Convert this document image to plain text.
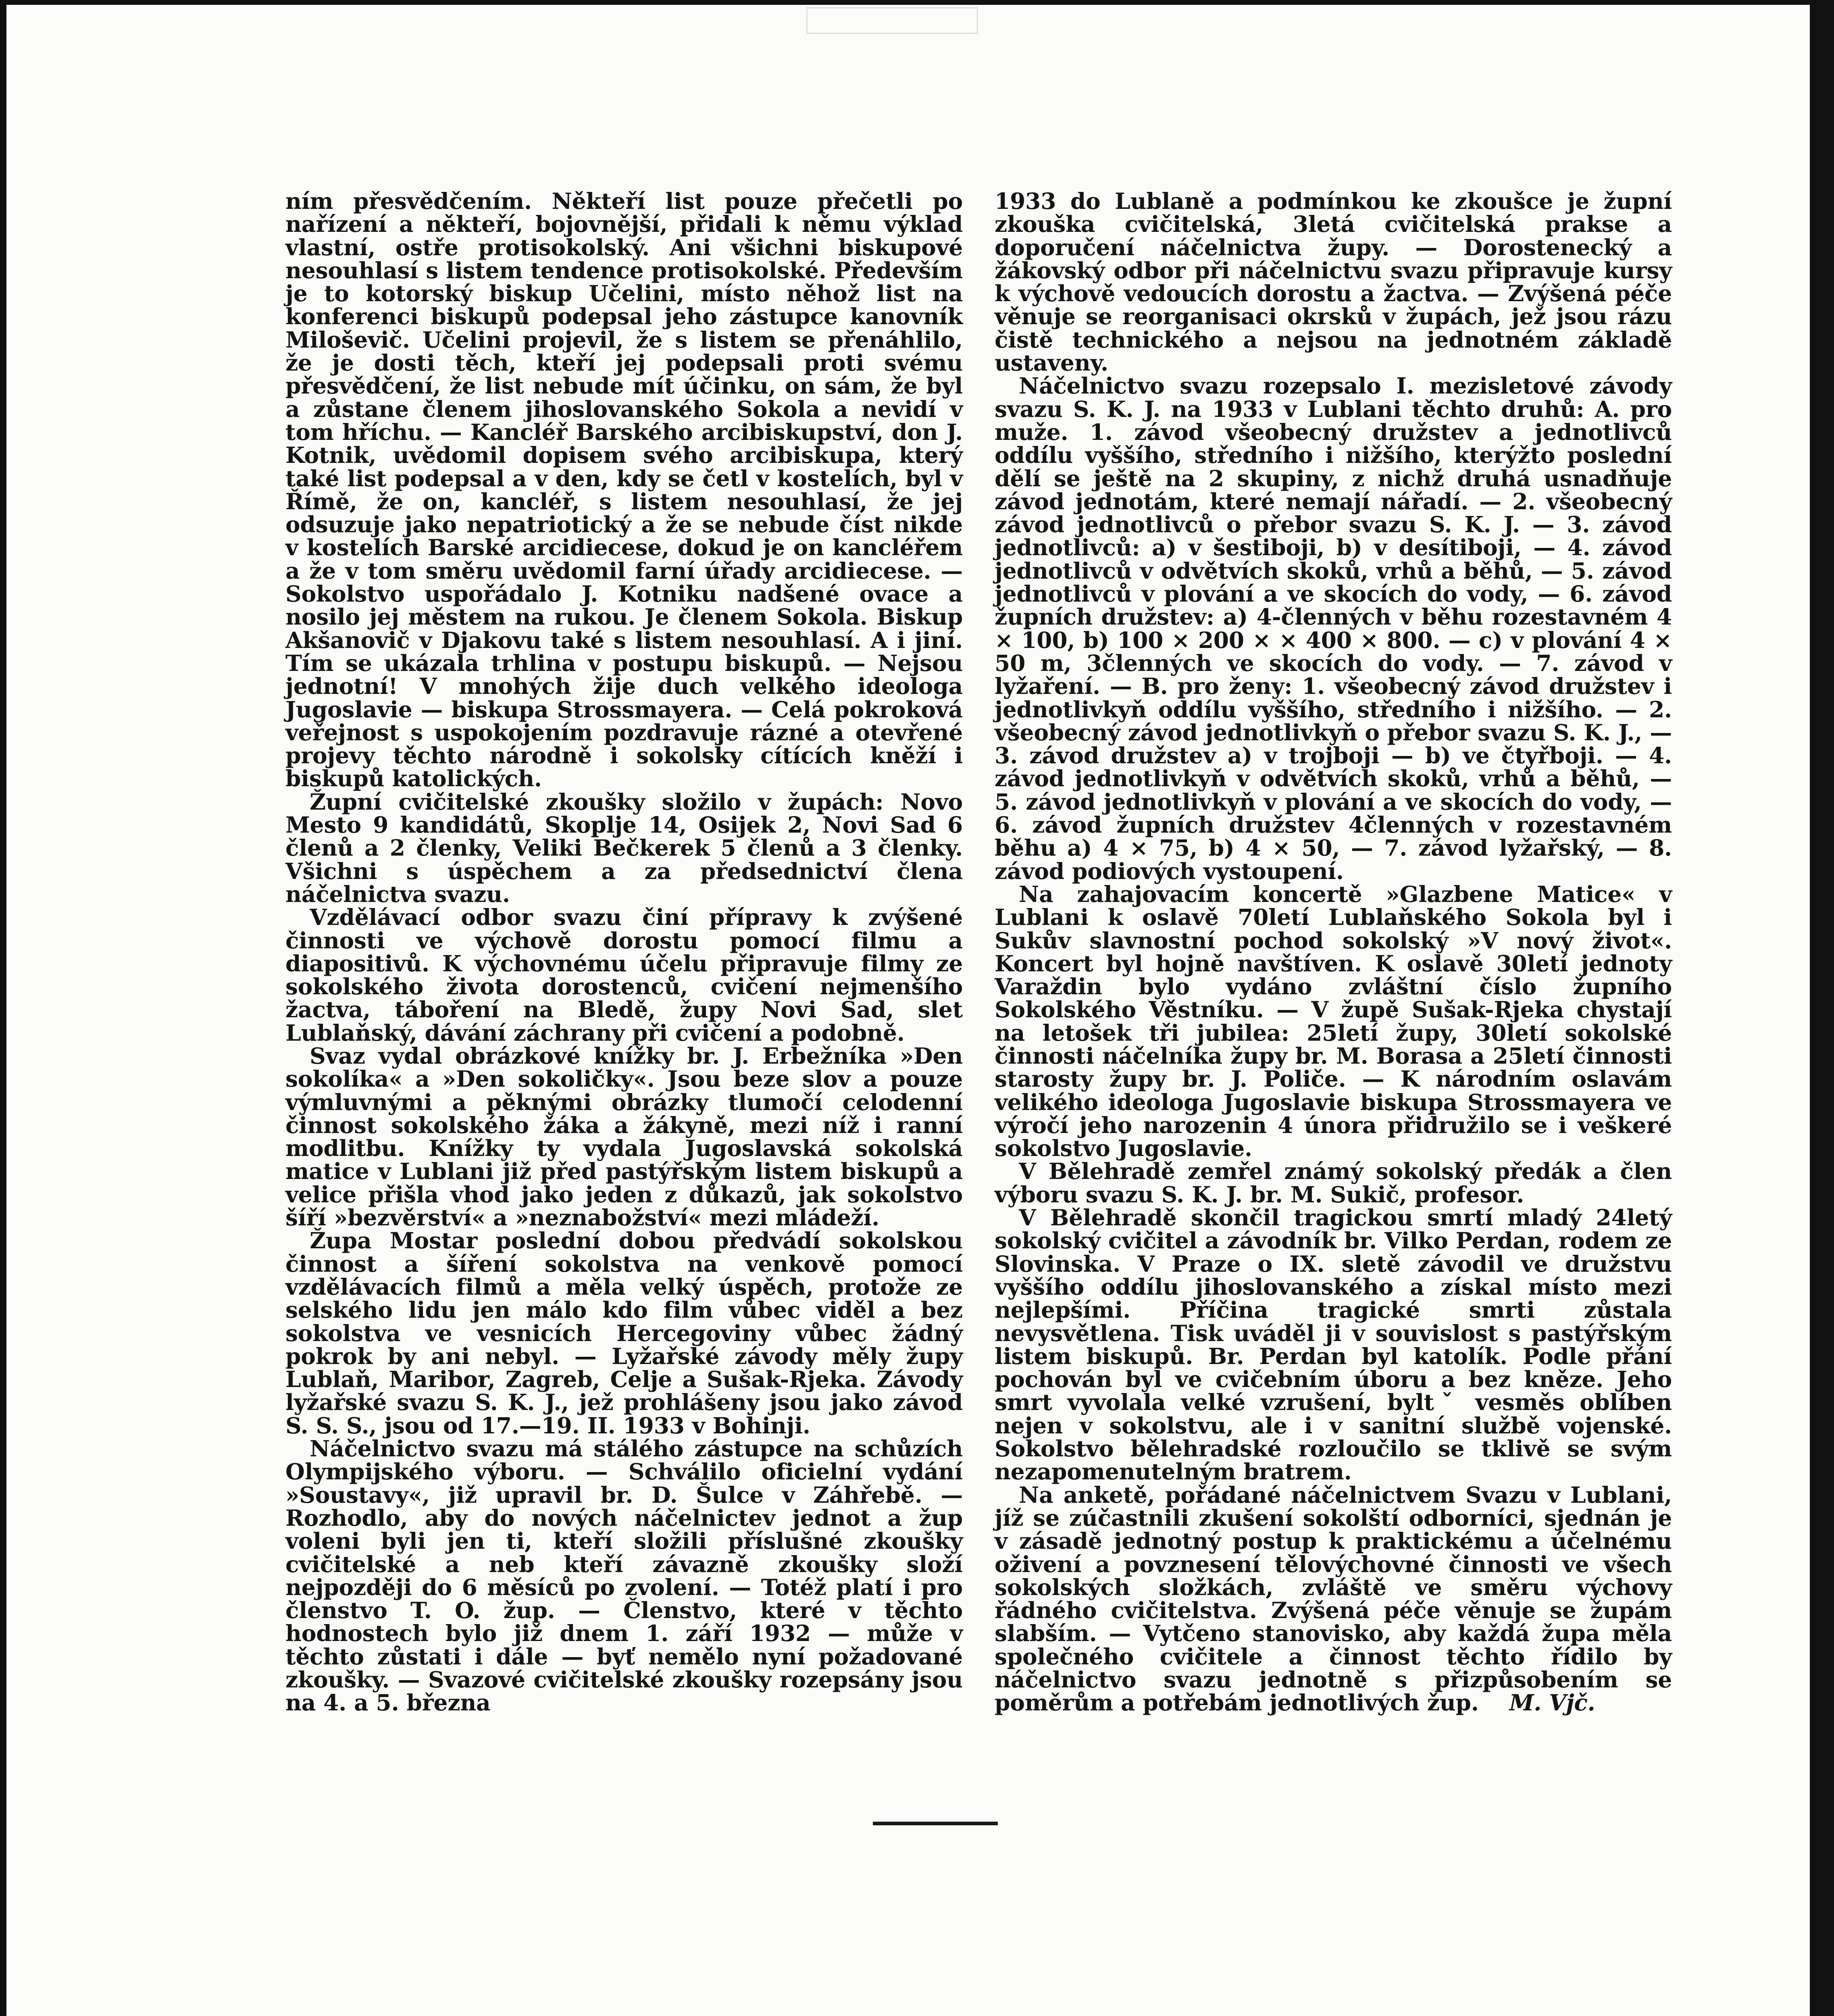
ním přesvědčením. Někteří list pouze přečetli po nařízení a někteří, bojovnější, přidali k němu výklad vlastní, ostře protisokolský. Ani všichni biskupové nesouhlasí s listem tendence protisokolské. Především je to kotorský biskup Učelini, místo něhož list na konferenci biskupů podepsal jeho zástupce kanovník Miloševič. Učelini projevil, že s listem se přenáhlilo, že je dosti těch, kteří jej podepsali proti svému přesvědčení, že list nebude mít účinku, on sám, že byl a zůstane členem jihoslovanského Sokola a nevidí v tom hříchu. — Kancléř Barského arcibiskupství, don J. Kotnik, uvědomil dopisem svého arcibiskupa, který také list podepsal a v den, kdy se četl v kostelích, byl v Římě, že on, kancléř, s listem nesouhlasí, že jej odsuzuje jako nepatriotický a že se nebude číst nikde v kostelích Barské arcidiecese, dokud je on kancléřem a že v tom směru uvědomil farní úřady arcidiecese. — Sokolstvo uspořádalo J. Kotniku nadšené ovace a nosilo jej městem na rukou. Je členem Sokola. Biskup Akšanovič v Djakovu také s listem nesouhlasí. A i jiní. Tím se ukázala trhlina v postupu biskupů. — Nejsou jednotní! V mnohých žije duch velkého ideologa Jugoslavie — biskupa Strossmayera. — Celá pokroková veřejnost s uspokojením pozdravuje rázné a otevřené projevy těchto národně i sokolsky cítících kněží i biskupů katolických.

Župní cvičitelské zkoušky složilo v župách: Novo Mesto 9 kandidátů, Skoplje 14, Osijek 2, Novi Sad 6 členů a 2 členky, Veliki Bečkerek 5 členů a 3 členky. Všichni s úspěchem a za předsednictví člena náčelnictva svazu.

Vzdělávací odbor svazu činí přípravy k zvýšené činnosti ve výchově dorostu pomocí filmu a diapositivů. K výchovnému účelu připravuje filmy ze sokolského života dorostenců, cvičení nejmenšího žactva, táboření na Bledě, župy Novi Sad, slet Lublaňský, dávání záchrany při cvičení a podobně.

Svaz vydal obrázkové knížky br. J. Erbežníka »Den sokolíka« a »Den sokoličky«. Jsou beze slov a pouze výmluvnými a pěknými obrázky tlumočí celodenní činnost sokolského žáka a žákyně, mezi níž i ranní modlitbu. Knížky ty vydala Jugoslavská sokolská matice v Lublani již před pastýřským listem biskupů a velice přišla vhod jako jeden z důkazů, jak sokolstvo šíří »bezvěrství« a »neznabožství« mezi mládeží.

Župa Mostar poslední dobou předvádí sokolskou činnost a šíření sokolstva na venkově pomocí vzdělávacích filmů a měla velký úspěch, protože ze selského lidu jen málo kdo film vůbec viděl a bez sokolstva ve vesnicích Hercegoviny vůbec žádný pokrok by ani nebyl. — Lyžařské závody měly župy Lublaň, Maribor, Zagreb, Celje a Sušak-Rjeka. Závody lyžařské svazu S. K. J., jež prohlášeny jsou jako závod S. S. S., jsou od 17.—19. II. 1933 v Bohinji.

Náčelnictvo svazu má stálého zástupce na schůzích Olympijského výboru. — Schválilo oficielní vydání »Soustavy«, již upravil br. D. Šulce v Záhřebě. — Rozhodlo, aby do nových náčelnictev jednot a žup voleni byli jen ti, kteří složili příslušné zkoušky cvičitelské a neb kteří závazně zkoušky složí nejpozději do 6 měsíců po zvolení. — Totéž platí i pro členstvo T. O. žup. — Členstvo, které v těchto hodnostech bylo již dnem 1. září 1932 — může v těchto zůstati i dále — byť nemělo nyní požadované zkoušky. — Svazové cvičitelské zkoušky rozepsány jsou na 4. a 5. března

1933 do Lublaně a podmínkou ke zkoušce je župní zkouška cvičitelská, 3letá cvičitelská prakse a doporučení náčelnictva župy. — Dorostenecký a žákovský odbor při náčelnictvu svazu připravuje kursy k výchově vedoucích dorostu a žactva. — Zvýšená péče věnuje se reorganisaci okrsků v župách, jež jsou rázu čistě technického a nejsou na jednotném základě ustaveny.

Náčelnictvo svazu rozepsalo I. mezisletové závody svazu S. K. J. na 1933 v Lublani těchto druhů: A. pro muže. 1. závod všeobecný družstev a jednotlivců oddílu vyššího, středního i nižšího, kterýžto poslední dělí se ještě na 2 skupiny, z nichž druhá usnadňuje závod jednotám, které nemají nářadí. — 2. všeobecný závod jednotlivců o přebor svazu S. K. J. — 3. závod jednotlivců: a) v šestiboji, b) v desítiboji, — 4. závod jednotlivců v odvětvích skoků, vrhů a běhů, — 5. závod jednotlivců v plování a ve skocích do vody, — 6. závod župních družstev: a) 4-členných v běhu rozestavném 4 × 100, b) 100 × 200 × × 400 × 800. — c) v plování 4 × 50 m, 3členných ve skocích do vody. — 7. závod v lyžaření. — B. pro ženy: 1. všeobecný závod družstev i jednotlivkyň oddílu vyššího, středního i nižšího. — 2. všeobecný závod jednotlivkyň o přebor svazu S. K. J., — 3. závod družstev a) v trojboji — b) ve čtyřboji. — 4. závod jednotlivkyň v odvětvích skoků, vrhů a běhů, — 5. závod jednotlivkyň v plování a ve skocích do vody, — 6. závod župních družstev 4členných v rozestavném běhu a) 4 × 75, b) 4 × 50, — 7. závod lyžařský, — 8. závod podiových vystoupení.

Na zahajovacím koncertě »Glazbene Matice« v Lublani k oslavě 70letí Lublaňského Sokola byl i Sukův slavnostní pochod sokolský »V nový život«. Koncert byl hojně navštíven. K oslavě 30letí jednoty Varaždin bylo vydáno zvláštní číslo župního Sokolského Věstníku. — V župě Sušak-Rjeka chystají na letošek tři jubilea: 25letí župy, 30letí sokolské činnosti náčelníka župy br. M. Borasa a 25letí činnosti starosty župy br. J. Poliče. — K národním oslavám velikého ideologa Jugoslavie biskupa Strossmayera ve výročí jeho narozenin 4 února přidružilo se i veškeré sokolstvo Jugoslavie.

V Bělehradě zemřel známý sokolský předák a člen výboru svazu S. K. J. br. M. Sukič, profesor.

V Bělehradě skončil tragickou smrtí mladý 24letý sokolský cvičitel a závodník br. Vilko Perdan, rodem ze Slovinska. V Praze o IX. sletě závodil ve družstvu vyššího oddílu jihoslovanského a získal místo mezi nejlepšími. Příčina tragické smrti zůstala nevysvětlena. Tisk uváděl ji v souvislost s pastýřským listem biskupů. Br. Perdan byl katolík. Podle přání pochován byl ve cvičebním úboru a bez kněze. Jeho smrt vyvolala velké vzrušení, byltˇ vesměs oblíben nejen v sokolstvu, ale i v sanitní službě vojenské. Sokolstvo bělehradské rozloučilo se tklivě se svým nezapomenutelným bratrem.

Na anketě, pořádané náčelnictvem Svazu v Lublani, jíž se zúčastnili zkušení sokolští odborníci, sjednán je v zásadě jednotný postup k praktickému a účelnému oživení a povznesení tělovýchovné činnosti ve všech sokolských složkách, zvláště ve směru výchovy řádného cvičitelstva. Zvýšená péče věnuje se župám slabším. — Vytčeno stanovisko, aby každá župa měla společného cvičitele a činnost těchto řídilo by náčelnictvo svazu jednotně s přizpůsobením se poměrům a potřebám jednotlivých žup. M. Vjč.
